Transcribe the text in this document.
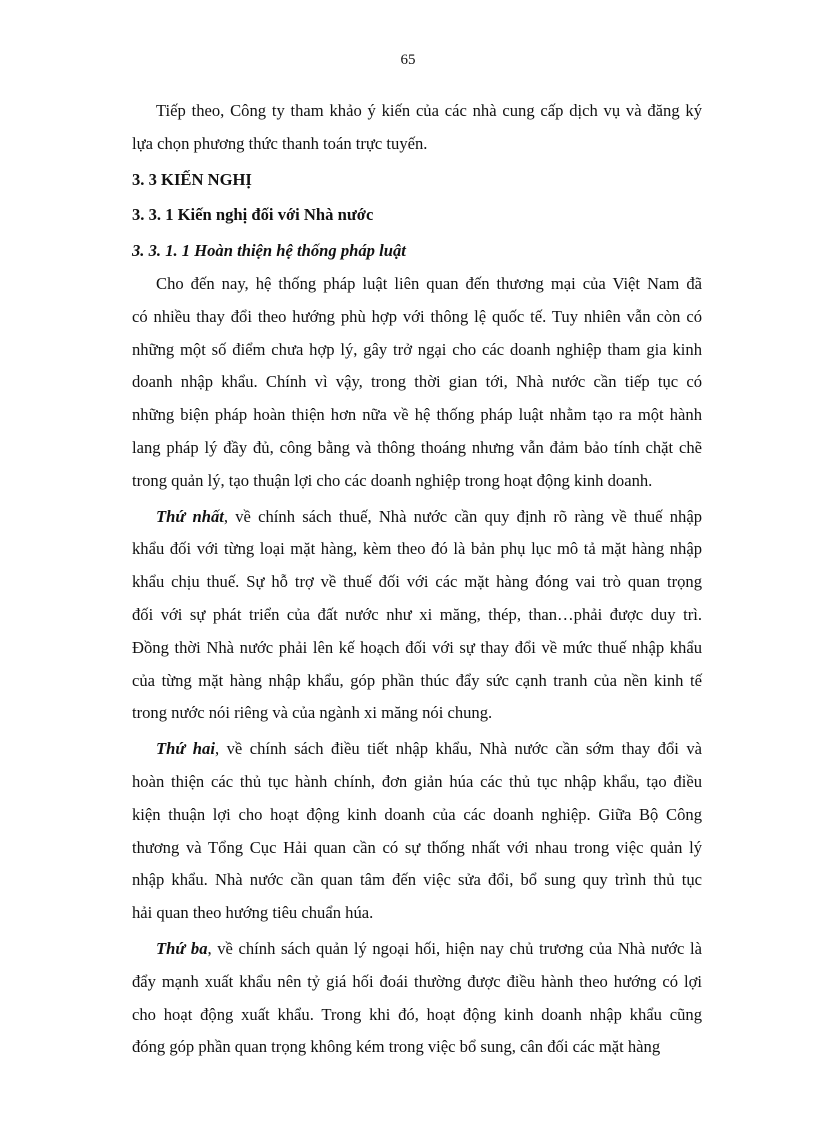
65
Tiếp theo, Công ty tham khảo ý kiến của các nhà cung cấp dịch vụ và đăng ký
lựa chọn phương thức thanh toán trực tuyến.
3. 3 KIẾN NGHỊ
3. 3. 1 Kiến nghị đối với Nhà nước
3. 3. 1. 1 Hoàn thiện hệ thống pháp luật
Cho đến nay, hệ thống pháp luật liên quan đến thương mại của Việt Nam đã
có nhiều thay đổi theo hướng phù hợp với thông lệ quốc tế. Tuy nhiên vẫn còn có
những một số điểm chưa hợp lý, gây trở ngại cho các doanh nghiệp tham gia kinh
doanh nhập khẩu. Chính vì vậy, trong thời gian tới, Nhà nước cần tiếp tục có
những biện pháp hoàn thiện hơn nữa về hệ thống pháp luật nhằm tạo ra một hành
lang pháp lý đầy đủ, công bằng và thông thoáng nhưng vẫn đảm bảo tính chặt chẽ
trong quản lý, tạo thuận lợi cho các doanh nghiệp trong hoạt động kinh doanh.
Thứ nhất, về chính sách thuế, Nhà nước cần quy định rõ ràng về thuế nhập
khẩu đối với từng loại mặt hàng, kèm theo đó là bản phụ lục mô tả mặt hàng nhập
khẩu chịu thuế. Sự hỗ trợ về thuế đối với các mặt hàng đóng vai trò quan trọng
đối với sự phát triển của đất nước như xi măng, thép, than…phải được duy trì.
Đồng thời Nhà nước phải lên kế hoạch đối với sự thay đổi về mức thuế nhập khẩu
của từng mặt hàng nhập khẩu, góp phần thúc đẩy sức cạnh tranh của nền kinh tế
trong nước nói riêng và của ngành xi măng nói chung.
Thứ hai, về chính sách điều tiết nhập khẩu, Nhà nước cần sớm thay đổi và
hoàn thiện các thủ tục hành chính, đơn giản húa các thủ tục nhập khẩu, tạo điều
kiện thuận lợi cho hoạt động kinh doanh của các doanh nghiệp. Giữa Bộ Công
thương và Tổng Cục Hải quan cần có sự thống nhất với nhau trong việc quản lý
nhập khẩu. Nhà nước cần quan tâm đến việc sửa đổi, bổ sung quy trình thủ tục
hải quan theo hướng tiêu chuẩn húa.
Thứ ba, về chính sách quản lý ngoại hối, hiện nay chủ trương của Nhà nước là
đẩy mạnh xuất khẩu nên tỷ giá hối đoái thường được điều hành theo hướng có lợi
cho hoạt động xuất khẩu. Trong khi đó, hoạt động kinh doanh nhập khẩu cũng
đóng góp phần quan trọng không kém trong việc bổ sung, cân đối các mặt hàng
